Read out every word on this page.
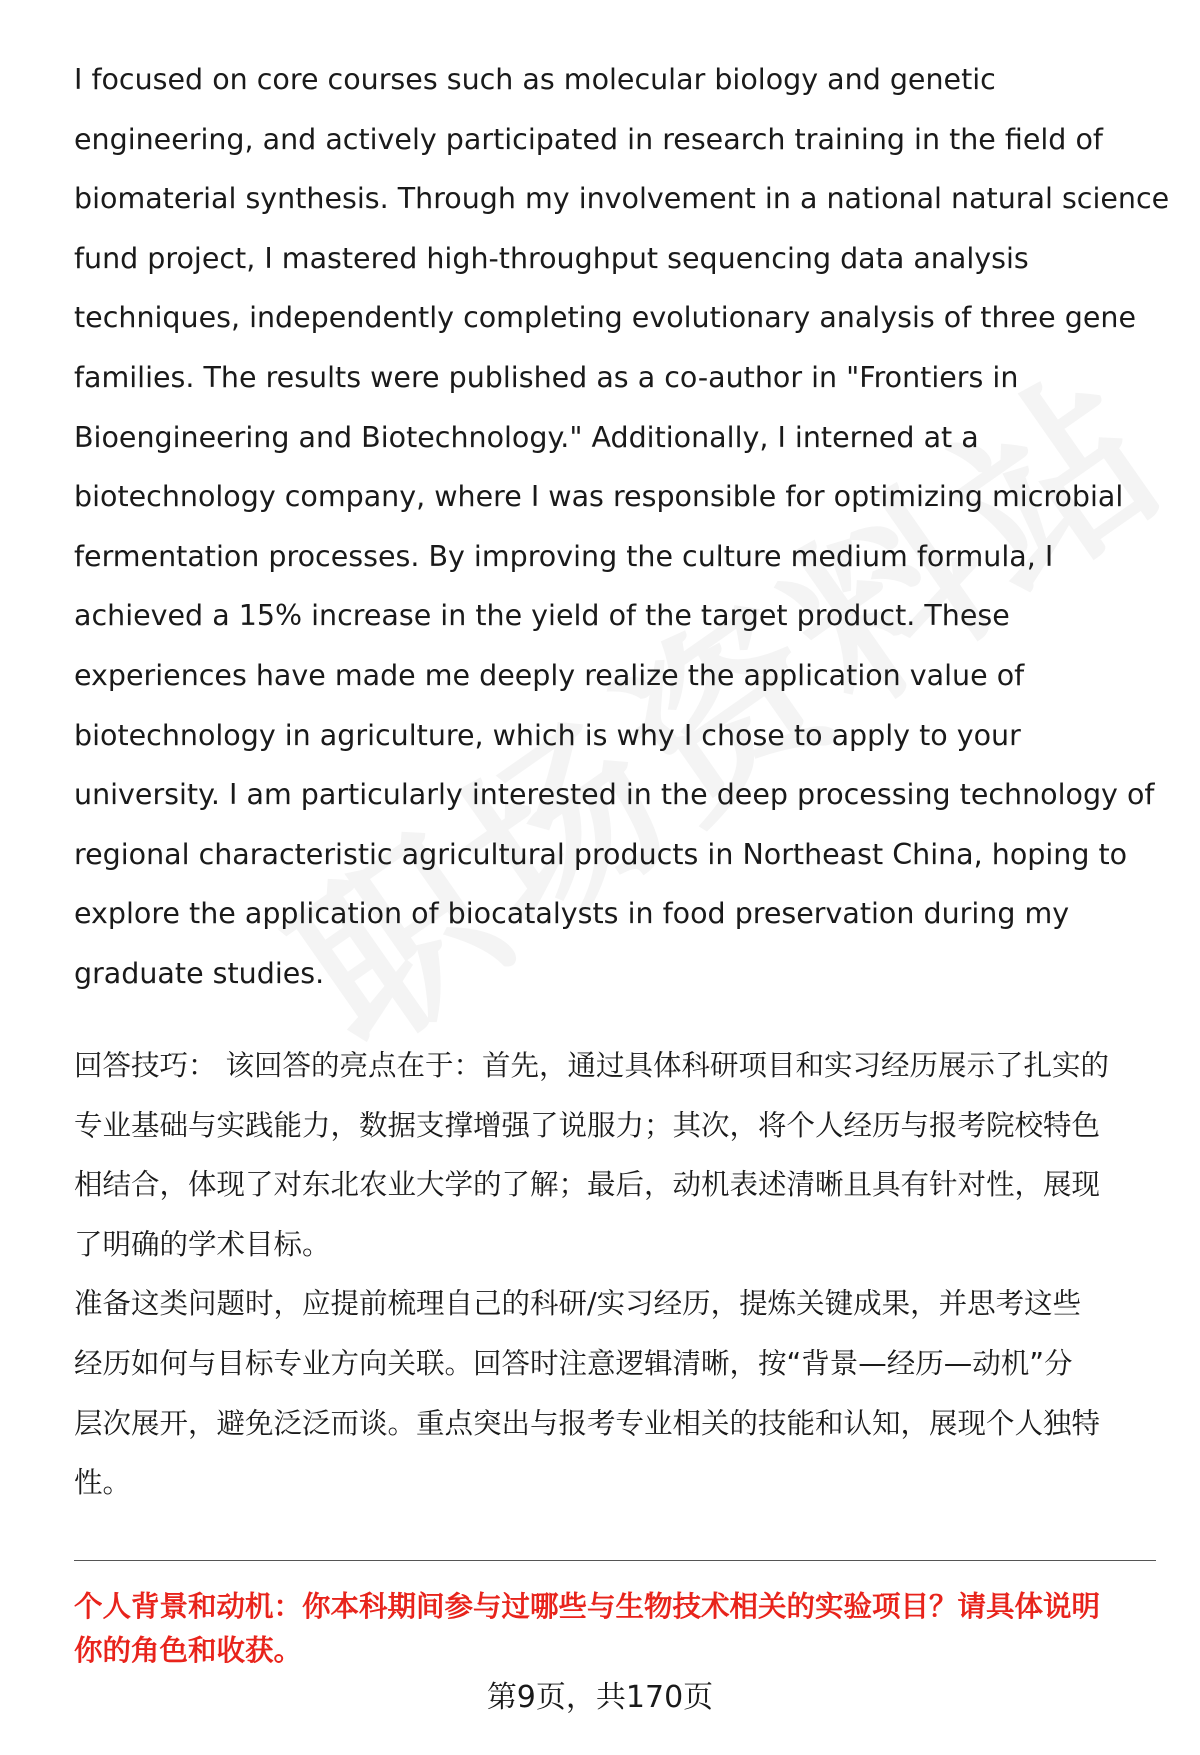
I focused on core courses such as molecular biology and genetic
engineering, and actively participated in research training in the field of
biomaterial synthesis. Through my involvement in a national natural science
fund project, I mastered high-throughput sequencing data analysis
techniques, independently completing evolutionary analysis of three gene
families. The results were published as a co-author in "Frontiers in
Bioengineering and Biotechnology." Additionally, I interned at a
biotechnology company, where I was responsible for optimizing microbial
fermentation processes. By improving the culture medium formula, I
achieved a 15% increase in the yield of the target product. These
experiences have made me deeply realize the application value of
biotechnology in agriculture, which is why I chose to apply to your
university. I am particularly interested in the deep processing technology of
regional characteristic agricultural products in Northeast China, hoping to
explore the application of biocatalysts in food preservation during my
graduate studies.
回答技巧： 该回答的亮点在于：首先，通过具体科研项目和实习经历展示了扎实的
专业基础与实践能力，数据支撑增强了说服力；其次，将个人经历与报考院校特色
相结合，体现了对东北农业大学的了解；最后，动机表述清晰且具有针对性，展现
了明确的学术目标。
准备这类问题时，应提前梳理自己的科研/实习经历，提炼关键成果，并思考这些
经历如何与目标专业方向关联。回答时注意逻辑清晰，按“背景—经历—动机”分
层次展开，避免泛泛而谈。重点突出与报考专业相关的技能和认知，展现个人独特
性。
个人背景和动机：你本科期间参与过哪些与生物技术相关的实验项目？请具体说明
你的角色和收获。
第9页，共170页
